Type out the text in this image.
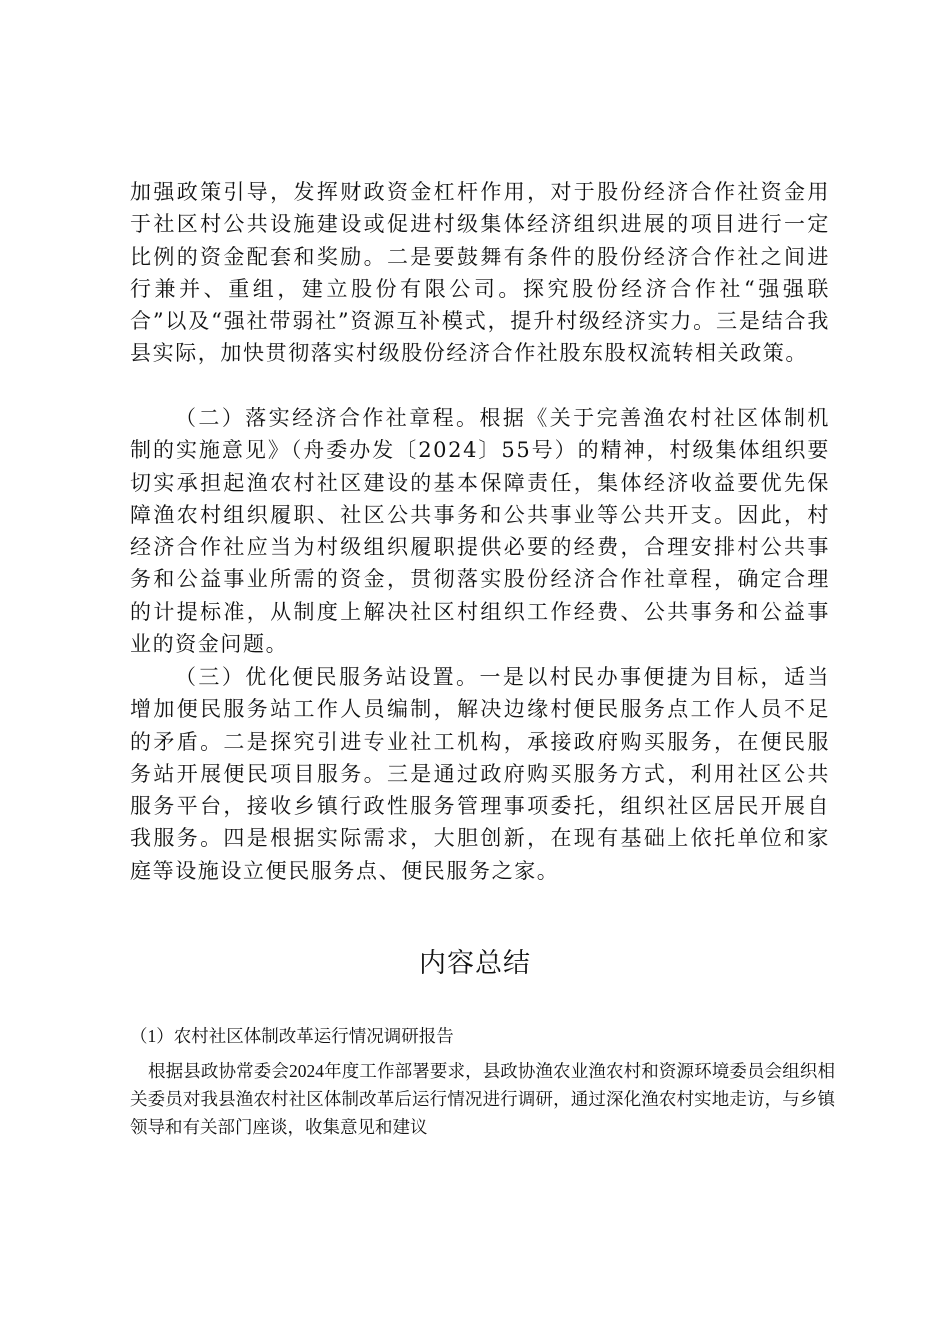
加强政策引导，发挥财政资金杠杆作用，对于股份经济合作社资金用于社区村公共设施建设或促进村级集体经济组织进展的项目进行一定比例的资金配套和奖励。二是要鼓舞有条件的股份经济合作社之间进行兼并、重组，建立股份有限公司。探究股份经济合作社“强强联合”以及“强社带弱社”资源互补模式，提升村级经济实力。三是结合我县实际，加快贯彻落实村级股份经济合作社股东股权流转相关政策。

（二）落实经济合作社章程。根据《关于完善渔农村社区体制机制的实施意见》（舟委办发〔2024〕55号）的精神，村级集体组织要切实承担起渔农村社区建设的基本保障责任，集体经济收益要优先保障渔农村组织履职、社区公共事务和公共事业等公共开支。因此，村经济合作社应当为村级组织履职提供必要的经费，合理安排村公共事务和公益事业所需的资金，贯彻落实股份经济合作社章程，确定合理的计提标准，从制度上解决社区村组织工作经费、公共事务和公益事业的资金问题。

（三）优化便民服务站设置。一是以村民办事便捷为目标，适当增加便民服务站工作人员编制，解决边缘村便民服务点工作人员不足的矛盾。二是探究引进专业社工机构，承接政府购买服务，在便民服务站开展便民项目服务。三是通过政府购买服务方式，利用社区公共服务平台，接收乡镇行政性服务管理事项委托，组织社区居民开展自我服务。四是根据实际需求，大胆创新，在现有基础上依托单位和家庭等设施设立便民服务点、便民服务之家。

内容总结

（1）农村社区体制改革运行情况调研报告

根据县政协常委会2024年度工作部署要求，县政协渔农业渔农村和资源环境委员会组织相关委员对我县渔农村社区体制改革后运行情况进行调研，通过深化渔农村实地走访，与乡镇领导和有关部门座谈，收集意见和建议
